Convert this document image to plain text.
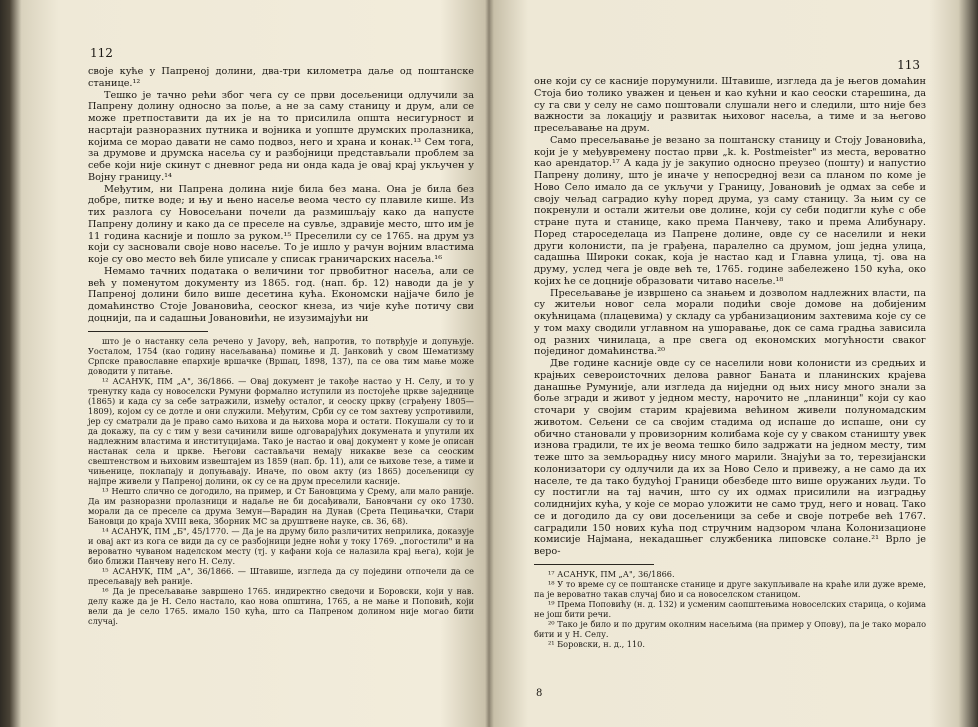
112

своје куће у Папреној долини, два-три километра даље од поштанске станице.¹²

Тешко је тачно рећи због чега су се први досељеници одлучили за Папрену долину односно за поље, а не за саму станицу и друм, али се може претпоставити да их је на то присилила општа несигурност и насртаји разноразних путника и војника и уопште друмских пролазника, којима се морао давати не само подвоз, него и храна и конак.¹³ Сем тога, за друмове и друмска насеља су и разбојници представљали проблем за себе који није скинут с дневног реда ни онда када је овај крај укључен у Војну границу.¹⁴

Међутим, ни Папрена долина није била без мана. Она је била без добре, питке воде; и њу и њено насеље веома често су плавиле кише. Из тих разлога су Новосељани почели да размишљају како да напусте Папрену долину и како да се преселе на сувље, здравије место, што им је 11 година касније и пошло за руком.¹⁵ Преселили су се 1765. на друм уз који су засновали своје ново насеље. То је ишло у рачун војним властима које су ово место већ биле уписале у списак граничарских насеља.¹⁶

Немамо тачних података о величини тог првобитног насеља, али се већ у поменутом документу из 1865. год. (нап. бр. 12) наводи да је у Папреној долини било више десетина кућа. Економски најјаче било је домаћинство Стоје Јовановића, сеоског кнеза, из чије куће потичу сви доцнији, па и садашњи Јовановићи, не изузимајући ни

што је о настанку села речено у Javoру, већ, напротив, то потврђује и допуњује. Уосталом, 1754 (као годину насељавања) помиње и Д. Јанковић у свом Шематизму Српске православне епархије вршачке (Вршац, 1898, 137), па се ова тим мање може доводити у питање.

¹² АСАНУК, ПМ „А", 36/1866. — Овај документ је такође настао у Н. Селу, и то у тренутку када су новоселски Румуни формално иступили из постојеће цркве заједнице (1865) и када су за себе затражили, између осталог, и сеоску цркву (сграђену 1805—1809), којом су се дотле и они служили. Међутим, Срби су се том захтеву успротивили, јер су сматрали да је право само њихова и да њихова мора и остати. Покушали су то и да докажу, па су с тим у вези сачинили више одговарајућих докумената и упутили их надлежним властима и институцијама. Тако је настао и овај документ у коме је описан настанак села и цркве. Његови састављачи немају никакве везе са сеоским свештенством и њиховим извештајем из 1859 (нап. бр. 11), али се њихове тезе, а тиме и чињенице, поклапају и допуњавају. Иначе, по овом акту (из 1865) досељеници су најпре живели у Папреној долини, ок су се на друм преселили касније.

¹³ Нешто слично се догодило, на пример, и Ст Бановцима у Срему, али мало раније. Да им разноразни пролазници и надаље не би досађивали, Бановчани су око 1730. морали да се преселе са друма Земун—Варадин на Дунав (Срета Пецињачки, Стари Бановци до краја XVIII века, Зборник МС за друштвене науке, св. 36, 68).

¹⁴ АСАНУК, ПМ „Б", 45/1770. — Да је на друму било различитих неприлика, доказује и овај акт из кога се види да су се разбојници једне ноћи у току 1769. „погостили" и на вероватно чуваном наделском месту (тј. у кафани која се налазила крај њега), који је био ближи Панчеву него Н. Селу.

¹⁵ АСАНУК, ПМ „А", 36/1866. — Штавише, изгледа да су поједини отпочели да се пресељавају већ раније.

¹⁶ Да је пресељавање завршено 1765. индиректно сведочи и Боровски, који у нав. делу каже да је Н. Село настало, као нова општина, 1765, а не мање и Поповић, који вели да је село 1765. имало 150 кућа, што са Папреном долином није могао бити случај.

113

оне који су се касније порумунили. Штавише, изгледа да је његов домаћин Стоја био толико уважен и цењен и као кућни и као сеоски старешина, да су га сви у селу не само поштовали слушали него и следили, што није без важности за локацију и развитак њиховог насеља, а тиме и за његово пресељавање на друм.

Само пресељавање је везано за поштанску станицу и Стоју Јовановића, који је у међувремену постао први „k. k. Postmeister" из места, вероватно као арендатор.¹⁷ А када ју је закупио односно преузео (пошту) и напустио Папрену долину, што је иначе у непосредној вези са планом по коме је Ново Село имало да се укључи у Границу, Јовановић је одмах за себе и своју чељад саградио кућу поред друма, уз саму станицу. За њим су се покренули и остали житељи ове долине, који су себи подигли куће с обе стране пута и станице, како према Панчеву, тако и према Алибунару. Поред староседелаца из Папрене долине, овде су се населили и неки други колонисти, па је грађена, паралелно са друмом, још једна улица, садашња Широки сокак, која је настао кад и Главна улица, тј. ова на друму, услед чега је овде већ те, 1765. године забележено 150 кућа, око којих ће се доцније образовати читаво насеље.¹⁸

Пресељавање је извршено са знањем и дозволом надлежних власти, па су житељи новог села морали подићи своје домове на добијеним окућницама (плацевима) у складу са урбанизационим захтевима које су се у том маху сводили углавном на ушоравање, док се сама градња зависила од разних чинилаца, а пре свега од економских могућности сваког појединог домаћинства.²⁰

Две године касније овде су се населили нови колонисти из средњих и крајњих североисточних делова равног Баната и планинских крајева данашње Румуније, али изгледа да ниједни од њих нису много знали за боље згради и живот у једном месту, нарочито не „планинци" који су као сточари у својим старим крајевима већином живели полуномадским животом. Сељени се са својим стадима од испаше до испаше, они су обично становали у провизорним колибама које су у сваком станишту увек изнова градили, те их је веома тешко било задржати на једном месту, тим теже што за земљорадњу нису много марили. Знајући за то, терезијански колонизатори су одлучили да их за Ново Село и привежу, а не само да их населе, те да тако будућој Граници обезбеде што више оружаних људи. То су постигли на тај начин, што су их одмах присилили на изградњу солиднијих кућа, у које се морао уложити не само труд, него и новац. Тако се и догодило да су ови досељеници за себе и своје потребе већ 1767. саградили 150 нових кућа под стручним надзором члана Колонизационе комисије Најмана, некадашњег службеника липовске солане.²¹ Врло је веро-

¹⁷ АСАНУК, ПМ „А", 36/1866.

¹⁸ У то време су се поштанске станице и друге закупљивале на краће или дуже време, па је вероватно такав случај био и са новоселском станицом.

¹⁹ Према Поповићу (н. д. 132) и усменим саопштењима новоселских старица, о којима не још бити речи.

²⁰ Тако је било и по другим околним насељима (на пример у Опову), па је тако морало бити и у Н. Селу.

²¹ Боровски, н. д., 110.

8
